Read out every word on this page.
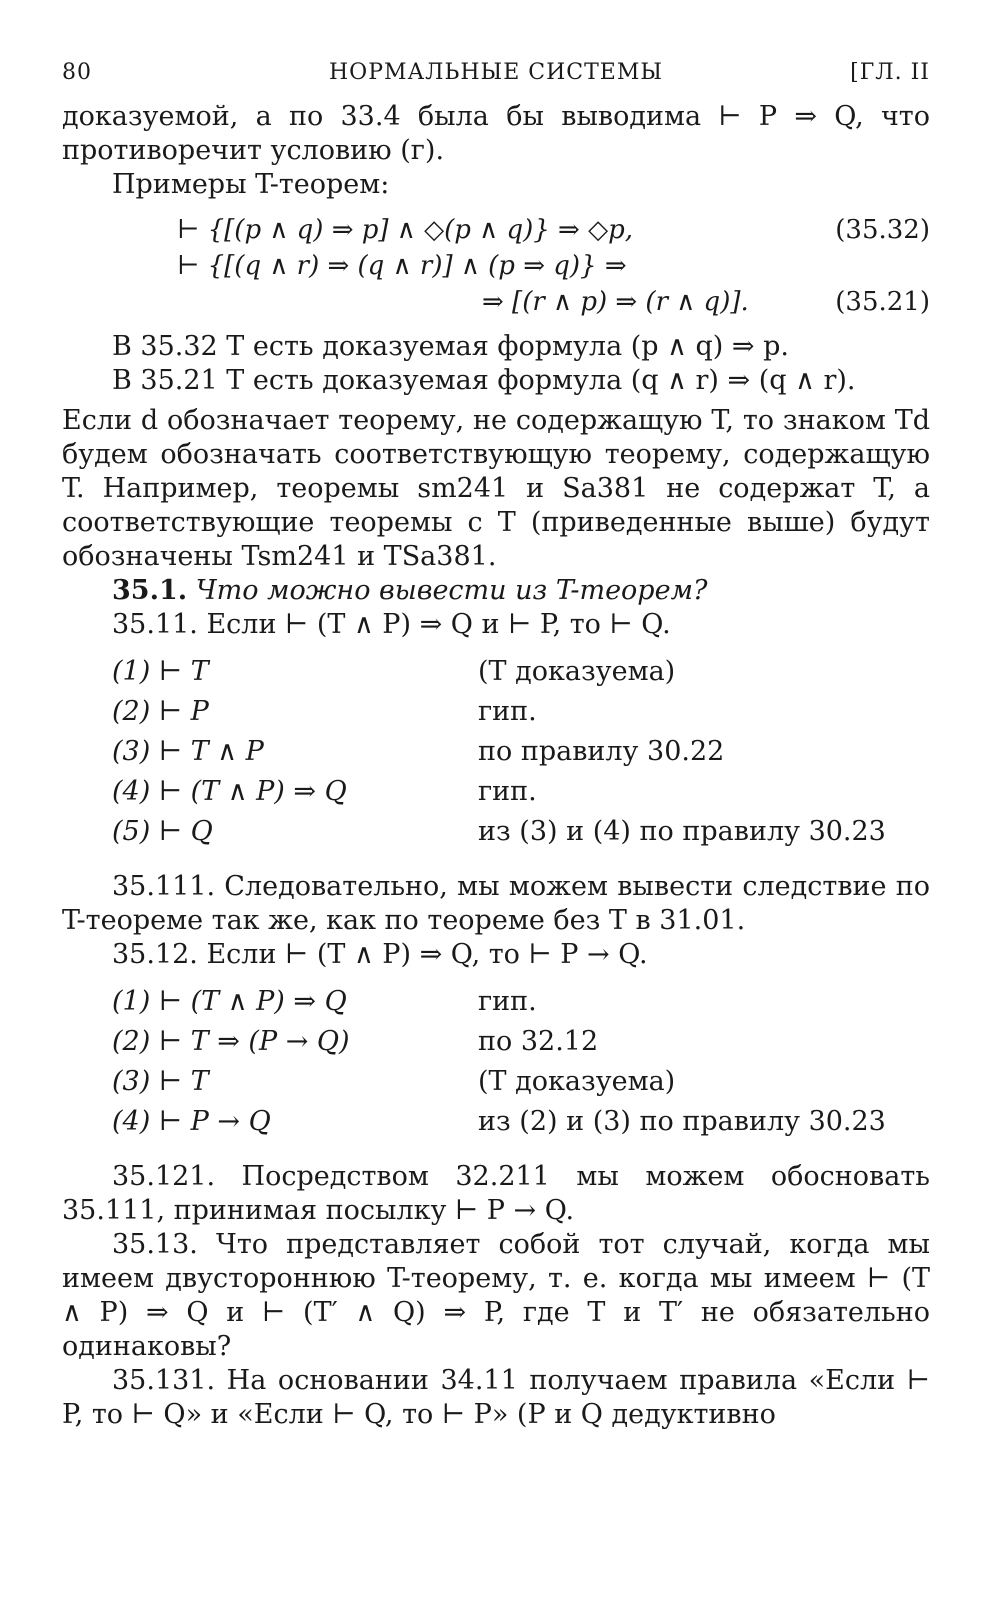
80	НОРМАЛЬНЫЕ СИСТЕМЫ	[ГЛ. II

доказуемой, а по 33.4 была бы выводима ⊢ P ⇒ Q, что противоречит условию (г).

Примеры T-теорем:

⊢ {[(p ∧ q) ⇒ p] ∧ ◇(p ∧ q)} ⇒ ◇p,	(35.32)
⊢ {[(q ∧ r) ⇒ (q ∧ r)] ∧ (p ⇒ q)} ⇒
⇒ [(r ∧ p) ⇒ (r ∧ q)].	(35.21)

В 35.32 T есть доказуемая формула (p ∧ q) ⇒ p.

В 35.21 T есть доказуемая формула (q ∧ r) ⇒ (q ∧ r).

Если d обозначает теорему, не содержащую T, то знаком Td будем обозначать соответствующую теорему, содержащую T. Например, теоремы sm241 и Sa381 не содержат T, а соответствующие теоремы с T (приведенные выше) будут обозначены Tsm241 и TSa381.

35.1. Что можно вывести из T-теорем?

35.11. Если ⊢ (T ∧ P) ⇒ Q и ⊢ P, то ⊢ Q.

(1) ⊢ T	(T доказуема)
(2) ⊢ P	гип.
(3) ⊢ T ∧ P	по правилу 30.22
(4) ⊢ (T ∧ P) ⇒ Q	гип.
(5) ⊢ Q	из (3) и (4) по правилу 30.23

35.111. Следовательно, мы можем вывести следствие по T-теореме так же, как по теореме без T в 31.01.

35.12. Если ⊢ (T ∧ P) ⇒ Q, то ⊢ P → Q.

(1) ⊢ (T ∧ P) ⇒ Q	гип.
(2) ⊢ T ⇒ (P → Q)	по 32.12
(3) ⊢ T	(T доказуема)
(4) ⊢ P → Q	из (2) и (3) по правилу 30.23

35.121. Посредством 32.211 мы можем обосновать 35.111, принимая посылку ⊢ P → Q.

35.13. Что представляет собой тот случай, когда мы имеем двустороннюю T-теорему, т. е. когда мы имеем ⊢ (T ∧ P) ⇒ Q и ⊢ (T′ ∧ Q) ⇒ P, где T и T′ не обязательно одинаковы?

35.131. На основании 34.11 получаем правила «Если ⊢ P, то ⊢ Q» и «Если ⊢ Q, то ⊢ P» (P и Q дедуктивно
